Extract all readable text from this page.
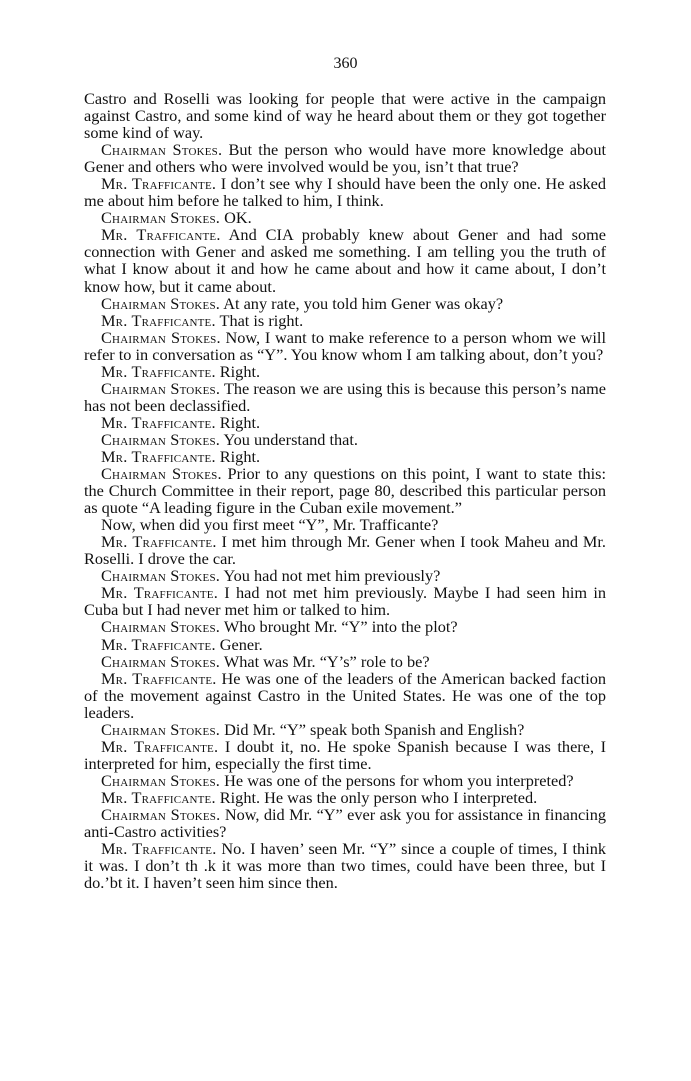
360

Castro and Roselli was looking for people that were active in the campaign against Castro, and some kind of way he heard about them or they got together some kind of way.

Chairman Stokes. But the person who would have more knowledge about Gener and others who were involved would be you, isn’t that true?

Mr. Trafficante. I don’t see why I should have been the only one. He asked me about him before he talked to him, I think.

Chairman Stokes. OK.

Mr. Trafficante. And CIA probably knew about Gener and had some connection with Gener and asked me something. I am telling you the truth of what I know about it and how he came about and how it came about, I don’t know how, but it came about.

Chairman Stokes. At any rate, you told him Gener was okay?

Mr. Trafficante. That is right.

Chairman Stokes. Now, I want to make reference to a person whom we will refer to in conversation as “Y”. You know whom I am talking about, don’t you?

Mr. Trafficante. Right.

Chairman Stokes. The reason we are using this is because this person’s name has not been declassified.

Mr. Trafficante. Right.

Chairman Stokes. You understand that.

Mr. Trafficante. Right.

Chairman Stokes. Prior to any questions on this point, I want to state this: the Church Committee in their report, page 80, described this particular person as quote “A leading figure in the Cuban exile movement.”

Now, when did you first meet “Y”, Mr. Trafficante?

Mr. Trafficante. I met him through Mr. Gener when I took Maheu and Mr. Roselli. I drove the car.

Chairman Stokes. You had not met him previously?

Mr. Trafficante. I had not met him previously. Maybe I had seen him in Cuba but I had never met him or talked to him.

Chairman Stokes. Who brought Mr. “Y” into the plot?

Mr. Trafficante. Gener.

Chairman Stokes. What was Mr. “Y’s” role to be?

Mr. Trafficante. He was one of the leaders of the American backed faction of the movement against Castro in the United States. He was one of the top leaders.

Chairman Stokes. Did Mr. “Y” speak both Spanish and English?

Mr. Trafficante. I doubt it, no. He spoke Spanish because I was there, I interpreted for him, especially the first time.

Chairman Stokes. He was one of the persons for whom you interpreted?

Mr. Trafficante. Right. He was the only person who I interpreted.

Chairman Stokes. Now, did Mr. “Y” ever ask you for assistance in financing anti-Castro activities?

Mr. Trafficante. No. I haven’ seen Mr. “Y” since a couple of times, I think it was. I don’t th .k it was more than two times, could have been three, but I do.’bt it. I haven’t seen him since then.
